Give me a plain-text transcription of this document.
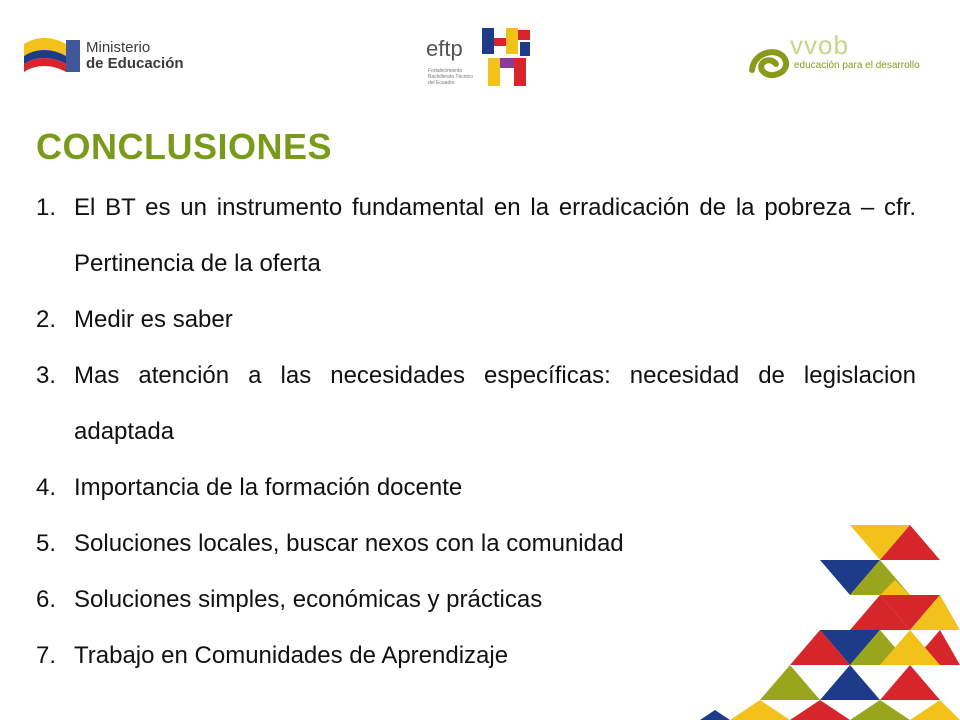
Ministerio
de Educación
eftp
Fortalecimiento Bachillerato Técnico del Ecuador
vvob
educación para el desarrollo
CONCLUSIONES
1. El BT es un instrumento fundamental en la erradicación de la pobreza – cfr. Pertinencia de la oferta
2. Medir es saber
3. Mas atención a las necesidades específicas: necesidad de legislacion adaptada
4. Importancia de la formación docente
5. Soluciones locales, buscar nexos con la comunidad
6. Soluciones simples, económicas y prácticas
7. Trabajo en Comunidades de Aprendizaje
